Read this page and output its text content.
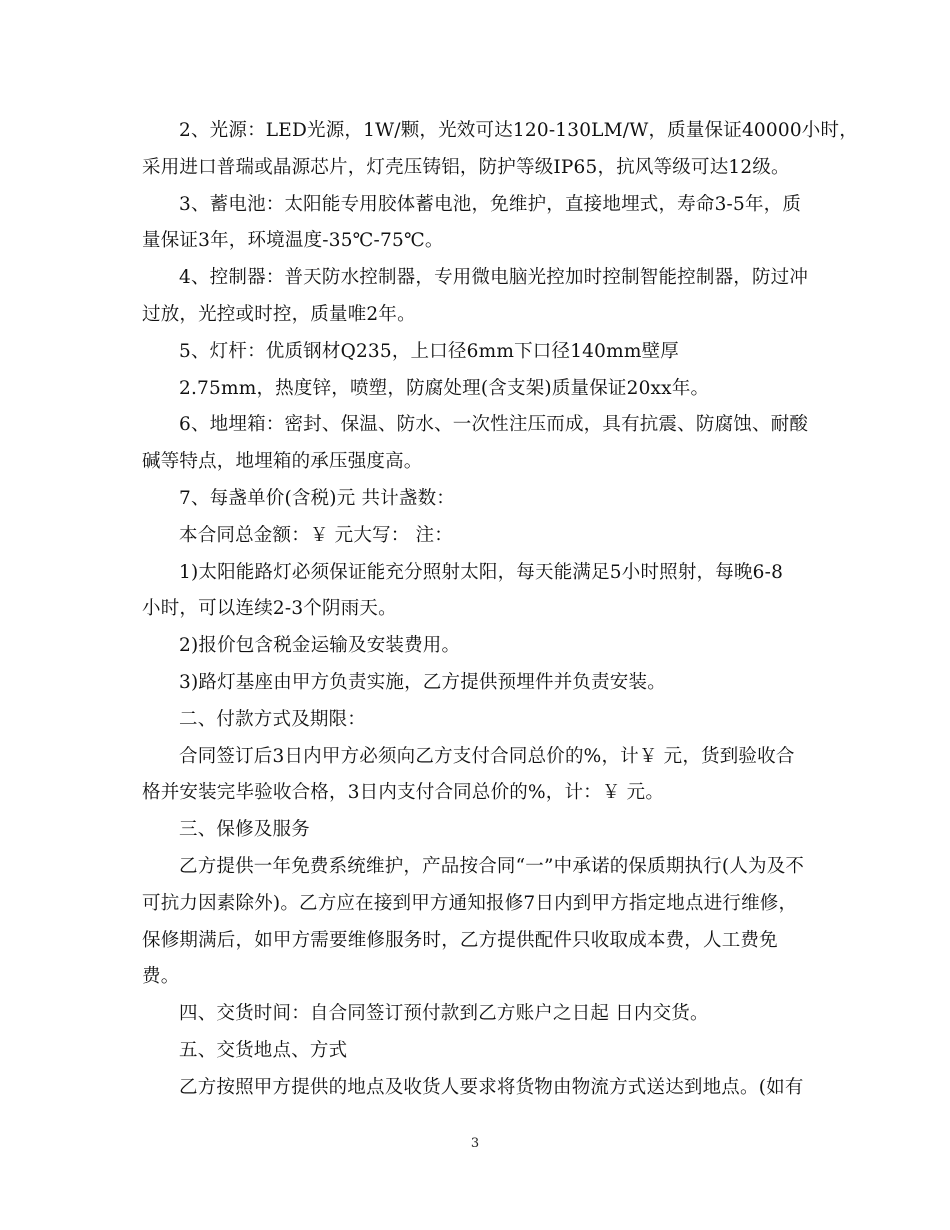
2、光源：LED光源，1W/颗，光效可达120-130LM/W，质量保证40000小时，

采用进口普瑞或晶源芯片，灯壳压铸铝，防护等级IP65，抗风等级可达12级。

3、蓄电池：太阳能专用胶体蓄电池，免维护，直接地埋式，寿命3-5年，质

量保证3年，环境温度-35℃-75℃。

4、控制器：普天防水控制器，专用微电脑光控加时控制智能控制器，防过冲

过放，光控或时控，质量唯2年。

5、灯杆：优质钢材Q235，上口径6mm下口径140mm壁厚

2.75mm，热度锌，喷塑，防腐处理(含支架)质量保证20xx年。

6、地埋箱：密封、保温、防水、一次性注压而成，具有抗震、防腐蚀、耐酸

碱等特点，地埋箱的承压强度高。

7、每盏单价(含税)元 共计盏数：

本合同总金额：￥ 元大写： 注：

1)太阳能路灯必须保证能充分照射太阳，每天能满足5小时照射，每晚6-8

小时，可以连续2-3个阴雨天。

2)报价包含税金运输及安装费用。

3)路灯基座由甲方负责实施，乙方提供预埋件并负责安装。

二、付款方式及期限：

合同签订后3日内甲方必须向乙方支付合同总价的%，计￥ 元，货到验收合

格并安装完毕验收合格，3日内支付合同总价的%，计：￥ 元。

三、保修及服务

乙方提供一年免费系统维护，产品按合同“一”中承诺的保质期执行(人为及不

可抗力因素除外)。乙方应在接到甲方通知报修7日内到甲方指定地点进行维修，

保修期满后，如甲方需要维修服务时，乙方提供配件只收取成本费，人工费免

费。

四、交货时间：自合同签订预付款到乙方账户之日起 日内交货。

五、交货地点、方式

乙方按照甲方提供的地点及收货人要求将货物由物流方式送达到地点。(如有

3
